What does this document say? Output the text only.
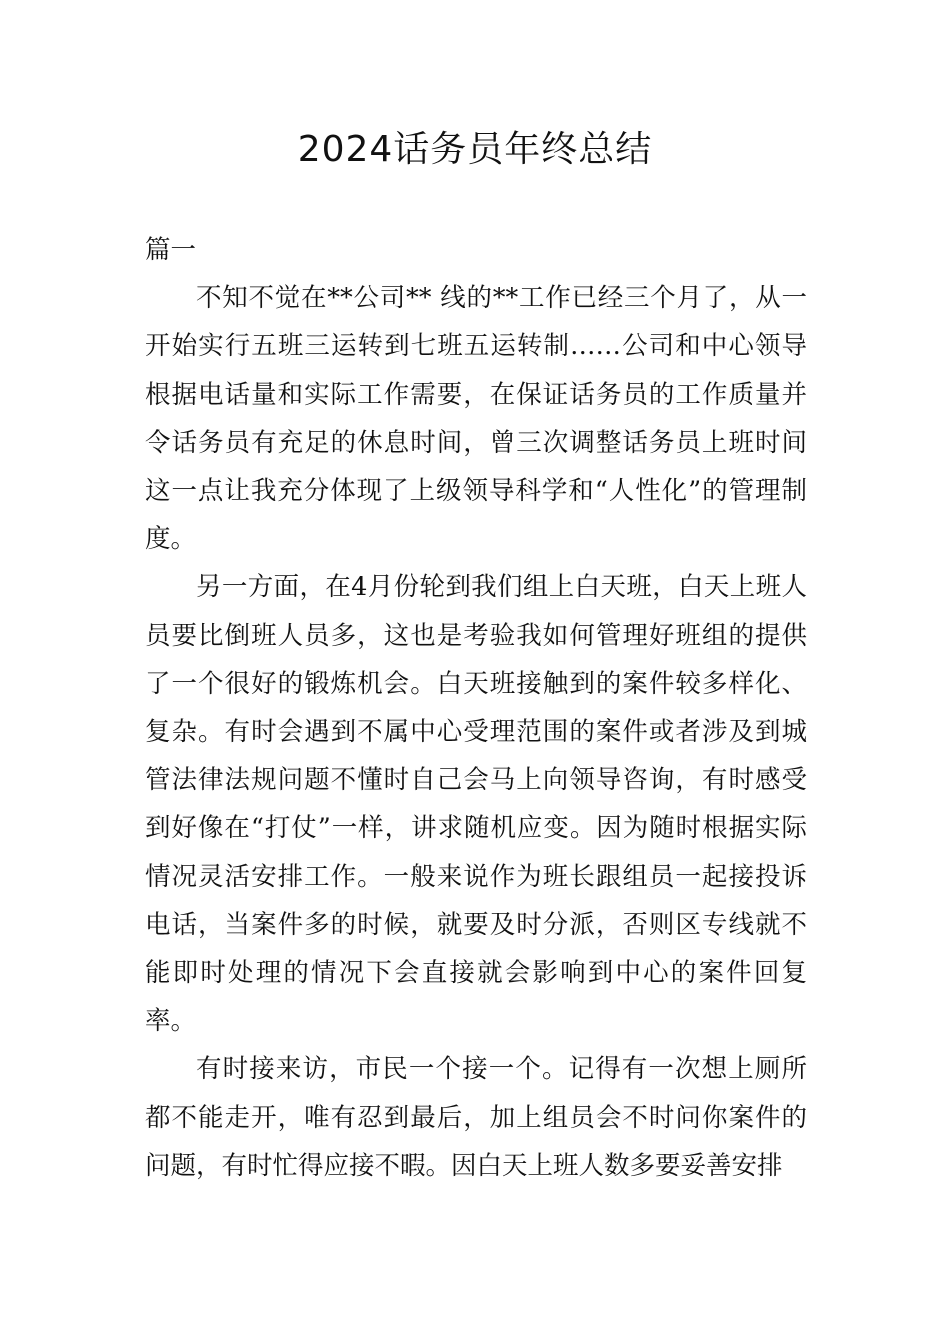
2024话务员年终总结

篇一

不知不觉在**公司** 线的**工作已经三个月了，从一开始实行五班三运转到七班五运转制……公司和中心领导根据电话量和实际工作需要，在保证话务员的工作质量并令话务员有充足的休息时间，曾三次调整话务员上班时间这一点让我充分体现了上级领导科学和“人性化”的管理制度。

另一方面，在4月份轮到我们组上白天班，白天上班人员要比倒班人员多，这也是考验我如何管理好班组的提供了一个很好的锻炼机会。白天班接触到的案件较多样化、复杂。有时会遇到不属中心受理范围的案件或者涉及到城管法律法规问题不懂时自己会马上向领导咨询，有时感受到好像在“打仗”一样，讲求随机应变。因为随时根据实际情况灵活安排工作。一般来说作为班长跟组员一起接投诉电话，当案件多的时候，就要及时分派，否则区专线就不能即时处理的情况下会直接就会影响到中心的案件回复率。

有时接来访，市民一个接一个。记得有一次想上厕所都不能走开，唯有忍到最后，加上组员会不时问你案件的问题，有时忙得应接不暇。因白天上班人数多要妥善安排
